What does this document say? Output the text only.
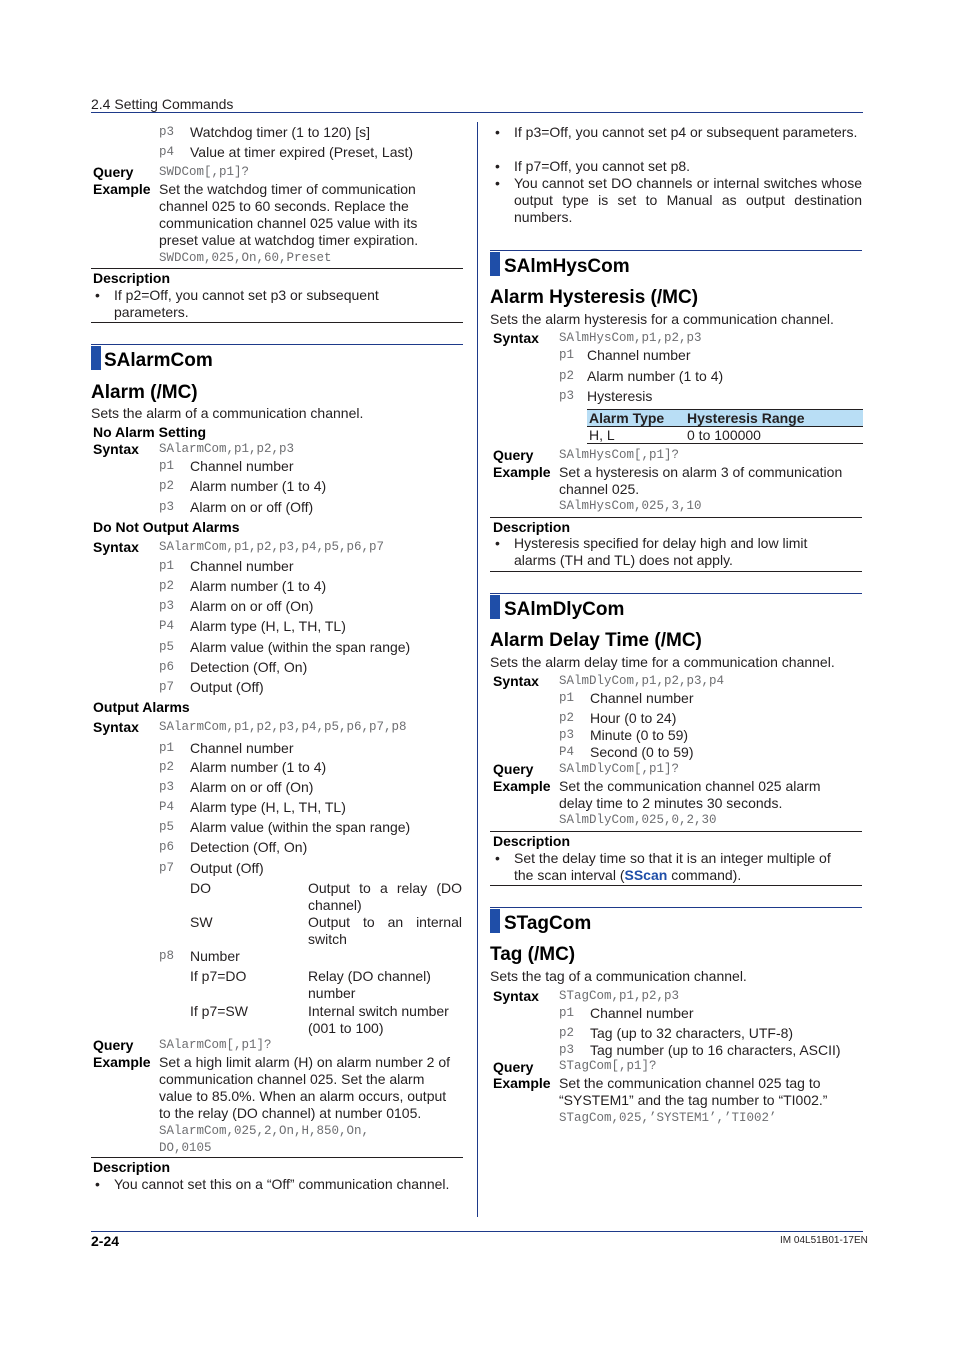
2.4 Setting Commands
p3 Watchdog timer (1 to 120) [s]
p4 Value at timer expired (Preset, Last)
Query SWDCom[,p1]?
Example Set the watchdog timer of communication channel 025 to 60 seconds. Replace the communication channel 025 value with its preset value at watchdog timer expiration.
SWDCom,025,On,60,Preset
Description
• If p2=Off, you cannot set p3 or subsequent parameters.
SAlarmCom
Alarm (/MC)
Sets the alarm of a communication channel.
No Alarm Setting
Syntax SAlarmCom,p1,p2,p3
p1 Channel number
p2 Alarm number (1 to 4)
p3 Alarm on or off (Off)
Do Not Output Alarms
Syntax SAlarmCom,p1,p2,p3,p4,p5,p6,p7
p1 Channel number
p2 Alarm number (1 to 4)
p3 Alarm on or off (On)
P4 Alarm type (H, L, TH, TL)
p5 Alarm value (within the span range)
p6 Detection (Off, On)
p7 Output (Off)
Output Alarms
Syntax SAlarmCom,p1,p2,p3,p4,p5,p6,p7,p8
p1 Channel number
p2 Alarm number (1 to 4)
p3 Alarm on or off (On)
P4 Alarm type (H, L, TH, TL)
p5 Alarm value (within the span range)
p6 Detection (Off, On)
p7 Output (Off)
DO	Output to a relay (DO channel)
SW	Output to an internal switch
p8 Number
If p7=DO	Relay (DO channel) number
If p7=SW	Internal switch number (001 to 100)
Query SAlarmCom[,p1]?
Example Set a high limit alarm (H) on alarm number 2 of communication channel 025. Set the alarm value to 85.0%. When an alarm occurs, output to the relay (DO channel) at number 0105.
SAlarmCom,025,2,On,H,850,On,
DO,0105
Description
• You cannot set this on a “Off” communication channel.
• If p3=Off, you cannot set p4 or subsequent parameters.
• If p7=Off, you cannot set p8.
• You cannot set DO channels or internal switches whose output type is set to Manual as output destination numbers.
SAlmHysCom
Alarm Hysteresis (/MC)
Sets the alarm hysteresis for a communication channel.
Syntax SAlmHysCom,p1,p2,p3
p1 Channel number
p2 Alarm number (1 to 4)
p3 Hysteresis
Alarm Type	Hysteresis Range
H, L	0 to 100000
Query SAlmHysCom[,p1]?
Example Set a hysteresis on alarm 3 of communication channel 025.
SAlmHysCom,025,3,10
Description
• Hysteresis specified for delay high and low limit alarms (TH and TL) does not apply.
SAlmDlyCom
Alarm Delay Time (/MC)
Sets the alarm delay time for a communication channel.
Syntax SAlmDlyCom,p1,p2,p3,p4
p1 Channel number
p2 Hour (0 to 24)
p3 Minute (0 to 59)
P4 Second (0 to 59)
Query SAlmDlyCom[,p1]?
Example Set the communication channel 025 alarm delay time to 2 minutes 30 seconds.
SAlmDlyCom,025,0,2,30
Description
• Set the delay time so that it is an integer multiple of the scan interval (SScan command).
STagCom
Tag (/MC)
Sets the tag of a communication channel.
Syntax STagCom,p1,p2,p3
p1 Channel number
p2 Tag (up to 32 characters, UTF-8)
p3 Tag number (up to 16 characters, ASCII)
Query STagCom[,p1]?
Example Set the communication channel 025 tag to “SYSTEM1” and the tag number to “TI002.”
STagCom,025,’SYSTEM1’,’TI002’
2-24	IM 04L51B01-17EN
